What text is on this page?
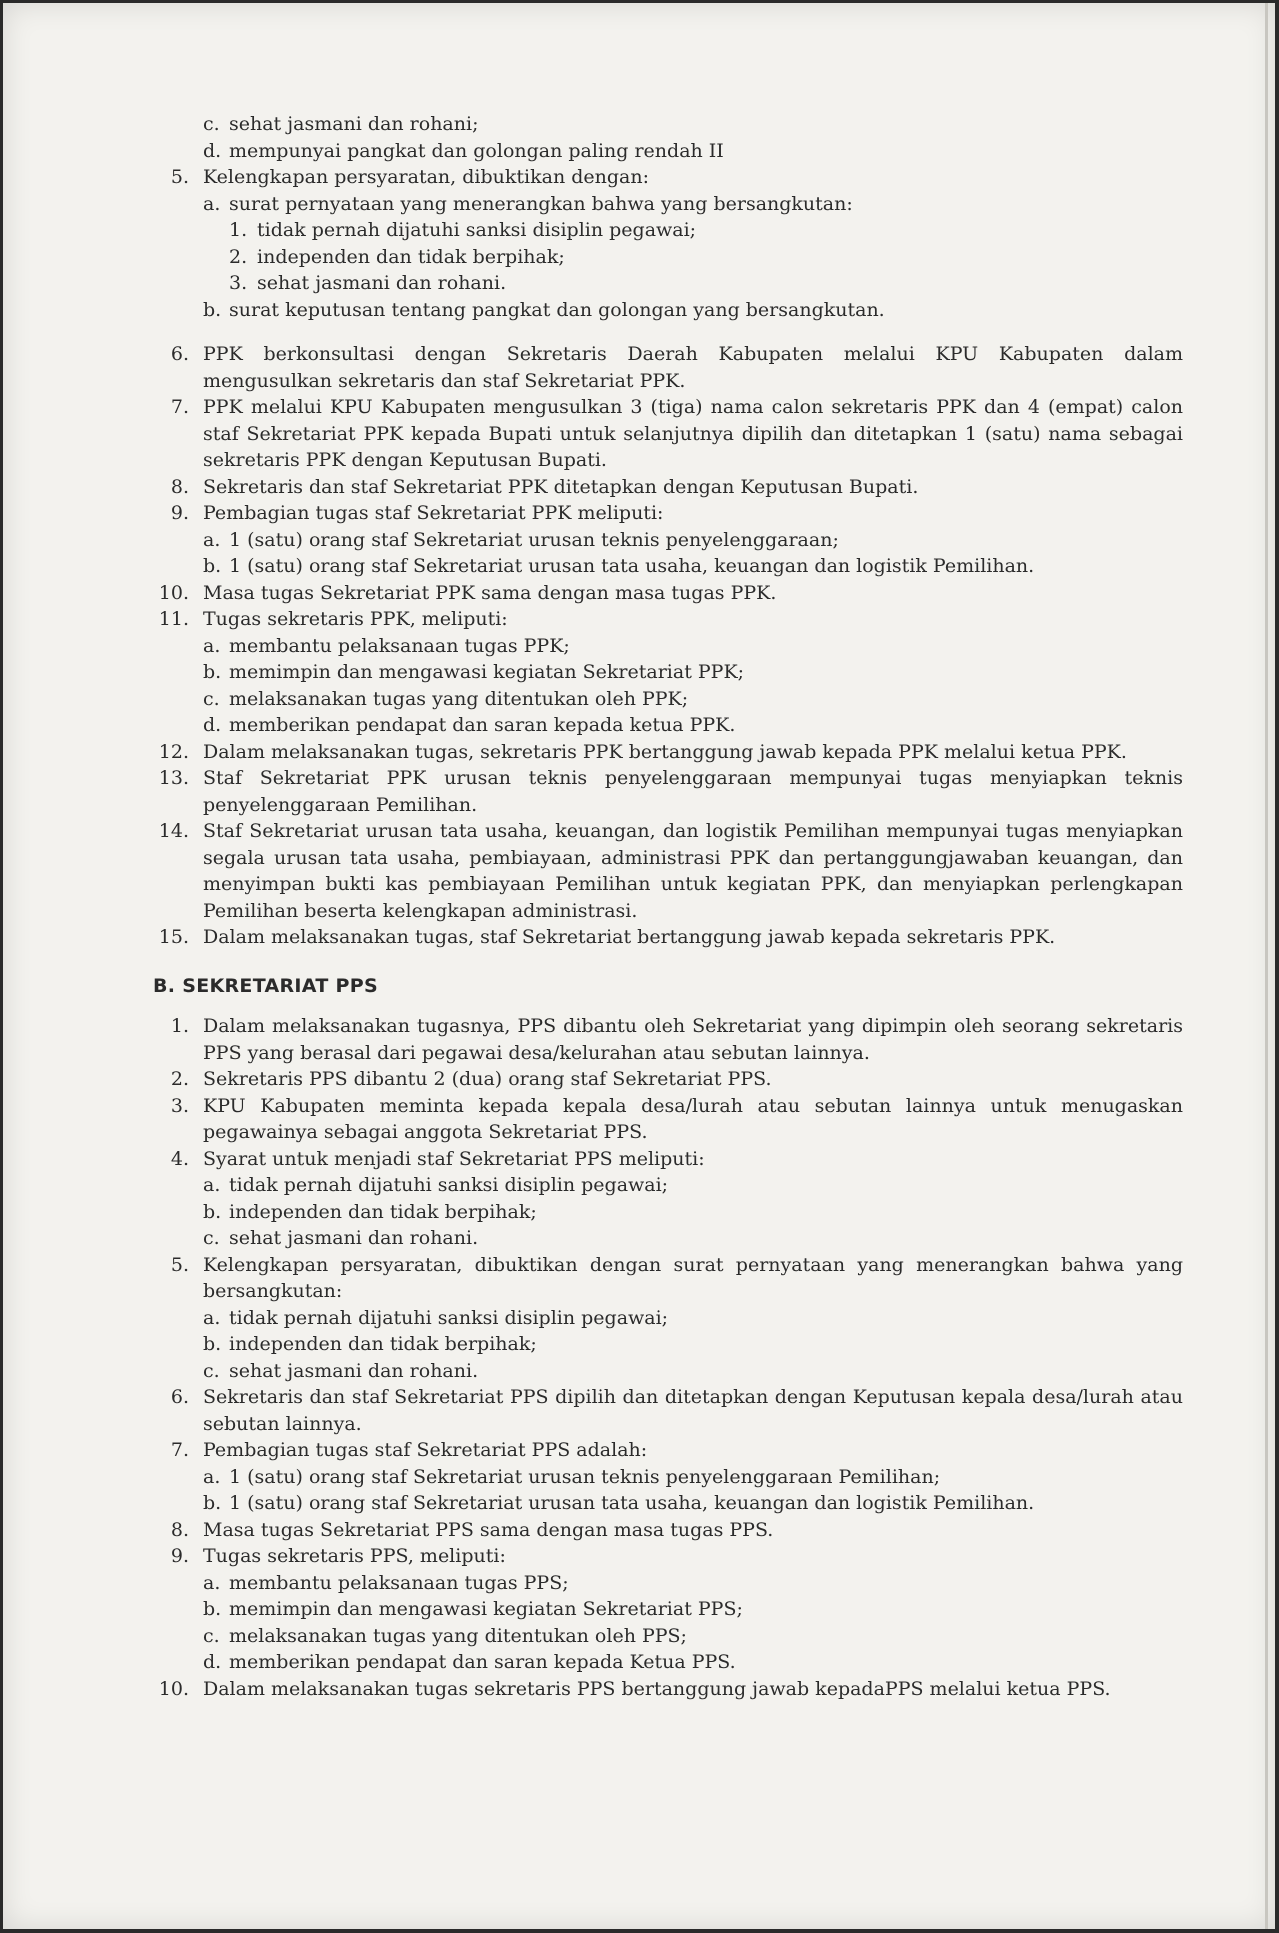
c. sehat jasmani dan rohani;
d. mempunyai pangkat dan golongan paling rendah II
5. Kelengkapan persyaratan, dibuktikan dengan:
a. surat pernyataan yang menerangkan bahwa yang bersangkutan:
1. tidak pernah dijatuhi sanksi disiplin pegawai;
2. independen dan tidak berpihak;
3. sehat jasmani dan rohani.
b. surat keputusan tentang pangkat dan golongan yang bersangkutan.
6. PPK berkonsultasi dengan Sekretaris Daerah Kabupaten melalui KPU Kabupaten dalam mengusulkan sekretaris dan staf Sekretariat PPK.
7. PPK melalui KPU Kabupaten mengusulkan 3 (tiga) nama calon sekretaris PPK dan 4 (empat) calon staf Sekretariat PPK kepada Bupati untuk selanjutnya dipilih dan ditetapkan 1 (satu) nama sebagai sekretaris PPK dengan Keputusan Bupati.
8. Sekretaris dan staf Sekretariat PPK ditetapkan dengan Keputusan Bupati.
9. Pembagian tugas staf Sekretariat PPK meliputi:
a. 1 (satu) orang staf Sekretariat urusan teknis penyelenggaraan;
b. 1 (satu) orang staf Sekretariat urusan tata usaha, keuangan dan logistik Pemilihan.
10. Masa tugas Sekretariat PPK sama dengan masa tugas PPK.
11. Tugas sekretaris PPK, meliputi:
a. membantu pelaksanaan tugas PPK;
b. memimpin dan mengawasi kegiatan Sekretariat PPK;
c. melaksanakan tugas yang ditentukan oleh PPK;
d. memberikan pendapat dan saran kepada ketua PPK.
12. Dalam melaksanakan tugas, sekretaris PPK bertanggung jawab kepada PPK melalui ketua PPK.
13. Staf Sekretariat PPK urusan teknis penyelenggaraan mempunyai tugas menyiapkan teknis penyelenggaraan Pemilihan.
14. Staf Sekretariat urusan tata usaha, keuangan, dan logistik Pemilihan mempunyai tugas menyiapkan segala urusan tata usaha, pembiayaan, administrasi PPK dan pertanggungjawaban keuangan, dan menyimpan bukti kas pembiayaan Pemilihan untuk kegiatan PPK, dan menyiapkan perlengkapan Pemilihan beserta kelengkapan administrasi.
15. Dalam melaksanakan tugas, staf Sekretariat bertanggung jawab kepada sekretaris PPK.
B. SEKRETARIAT PPS
1. Dalam melaksanakan tugasnya, PPS dibantu oleh Sekretariat yang dipimpin oleh seorang sekretaris PPS yang berasal dari pegawai desa/kelurahan atau sebutan lainnya.
2. Sekretaris PPS dibantu 2 (dua) orang staf Sekretariat PPS.
3. KPU Kabupaten meminta kepada kepala desa/lurah atau sebutan lainnya untuk menugaskan pegawainya sebagai anggota Sekretariat PPS.
4. Syarat untuk menjadi staf Sekretariat PPS meliputi:
a. tidak pernah dijatuhi sanksi disiplin pegawai;
b. independen dan tidak berpihak;
c. sehat jasmani dan rohani.
5. Kelengkapan persyaratan, dibuktikan dengan surat pernyataan yang menerangkan bahwa yang bersangkutan:
a. tidak pernah dijatuhi sanksi disiplin pegawai;
b. independen dan tidak berpihak;
c. sehat jasmani dan rohani.
6. Sekretaris dan staf Sekretariat PPS dipilih dan ditetapkan dengan Keputusan kepala desa/lurah atau sebutan lainnya.
7. Pembagian tugas staf Sekretariat PPS adalah:
a. 1 (satu) orang staf Sekretariat urusan teknis penyelenggaraan Pemilihan;
b. 1 (satu) orang staf Sekretariat urusan tata usaha, keuangan dan logistik Pemilihan.
8. Masa tugas Sekretariat PPS sama dengan masa tugas PPS.
9. Tugas sekretaris PPS, meliputi:
a. membantu pelaksanaan tugas PPS;
b. memimpin dan mengawasi kegiatan Sekretariat PPS;
c. melaksanakan tugas yang ditentukan oleh PPS;
d. memberikan pendapat dan saran kepada Ketua PPS.
10. Dalam melaksanakan tugas sekretaris PPS bertanggung jawab kepadaPPS melalui ketua PPS.
